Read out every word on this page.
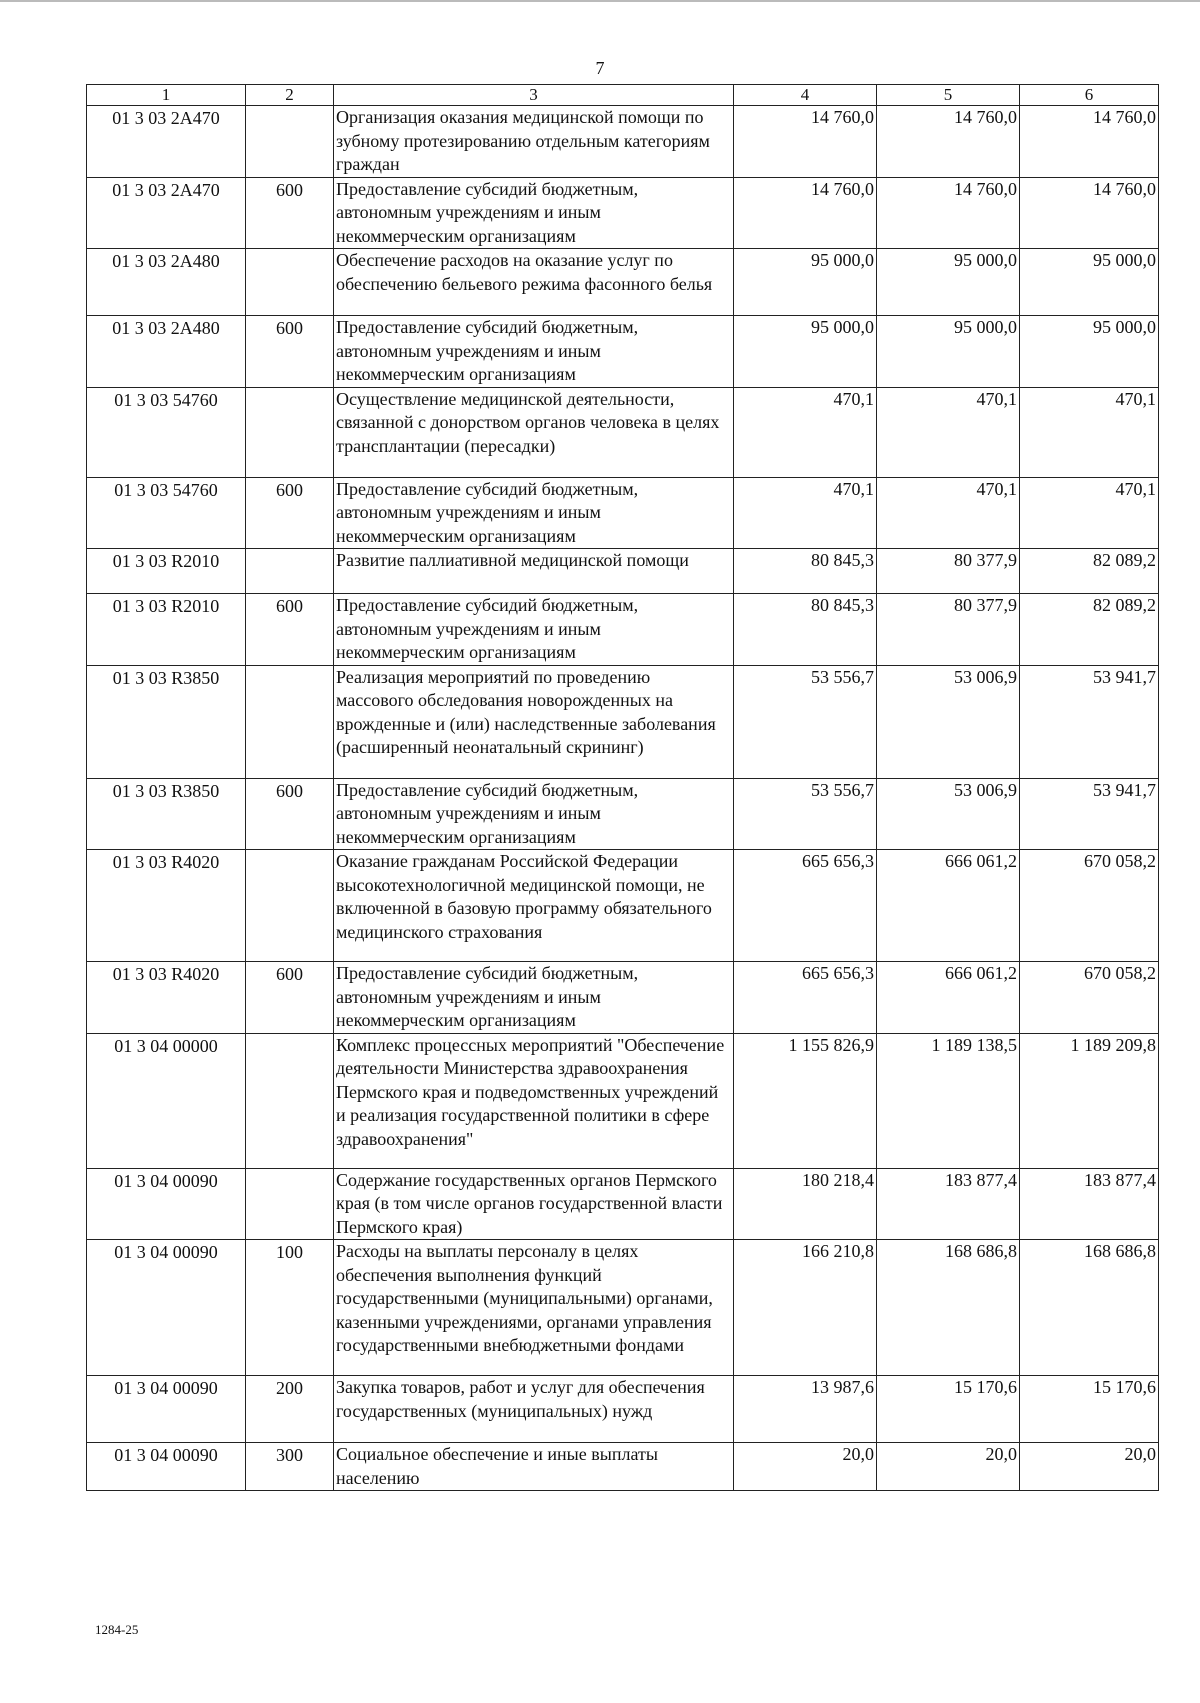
7
1	2	3	4	5	6
01 3 03 2А470		Организация оказания медицинской помощи по зубному протезированию отдельным категориям граждан	14 760,0	14 760,0	14 760,0
01 3 03 2А470	600	Предоставление субсидий бюджетным, автономным учреждениям и иным некоммерческим организациям	14 760,0	14 760,0	14 760,0
01 3 03 2А480		Обеспечение расходов на оказание услуг по обеспечению бельевого режима фасонного белья	95 000,0	95 000,0	95 000,0
01 3 03 2А480	600	Предоставление субсидий бюджетным, автономным учреждениям и иным некоммерческим организациям	95 000,0	95 000,0	95 000,0
01 3 03 54760		Осуществление медицинской деятельности, связанной с донорством органов человека в целях трансплантации (пересадки)	470,1	470,1	470,1
01 3 03 54760	600	Предоставление субсидий бюджетным, автономным учреждениям и иным некоммерческим организациям	470,1	470,1	470,1
01 3 03 R2010		Развитие паллиативной медицинской помощи	80 845,3	80 377,9	82 089,2
01 3 03 R2010	600	Предоставление субсидий бюджетным, автономным учреждениям и иным некоммерческим организациям	80 845,3	80 377,9	82 089,2
01 3 03 R3850		Реализация мероприятий по проведению массового обследования новорожденных на врожденные и (или) наследственные заболевания (расширенный неонатальный скрининг)	53 556,7	53 006,9	53 941,7
01 3 03 R3850	600	Предоставление субсидий бюджетным, автономным учреждениям и иным некоммерческим организациям	53 556,7	53 006,9	53 941,7
01 3 03 R4020		Оказание гражданам Российской Федерации высокотехнологичной медицинской помощи, не включенной в базовую программу обязательного медицинского страхования	665 656,3	666 061,2	670 058,2
01 3 03 R4020	600	Предоставление субсидий бюджетным, автономным учреждениям и иным некоммерческим организациям	665 656,3	666 061,2	670 058,2
01 3 04 00000		Комплекс процессных мероприятий "Обеспечение деятельности Министерства здравоохранения Пермского края и подведомственных учреждений и реализация государственной политики в сфере здравоохранения"	1 155 826,9	1 189 138,5	1 189 209,8
01 3 04 00090		Содержание государственных органов Пермского края (в том числе органов государственной власти Пермского края)	180 218,4	183 877,4	183 877,4
01 3 04 00090	100	Расходы на выплаты персоналу в целях обеспечения выполнения функций государственными (муниципальными) органами, казенными учреждениями, органами управления государственными внебюджетными фондами	166 210,8	168 686,8	168 686,8
01 3 04 00090	200	Закупка товаров, работ и услуг для обеспечения государственных (муниципальных) нужд	13 987,6	15 170,6	15 170,6
01 3 04 00090	300	Социальное обеспечение и иные выплаты населению	20,0	20,0	20,0
1284-25
